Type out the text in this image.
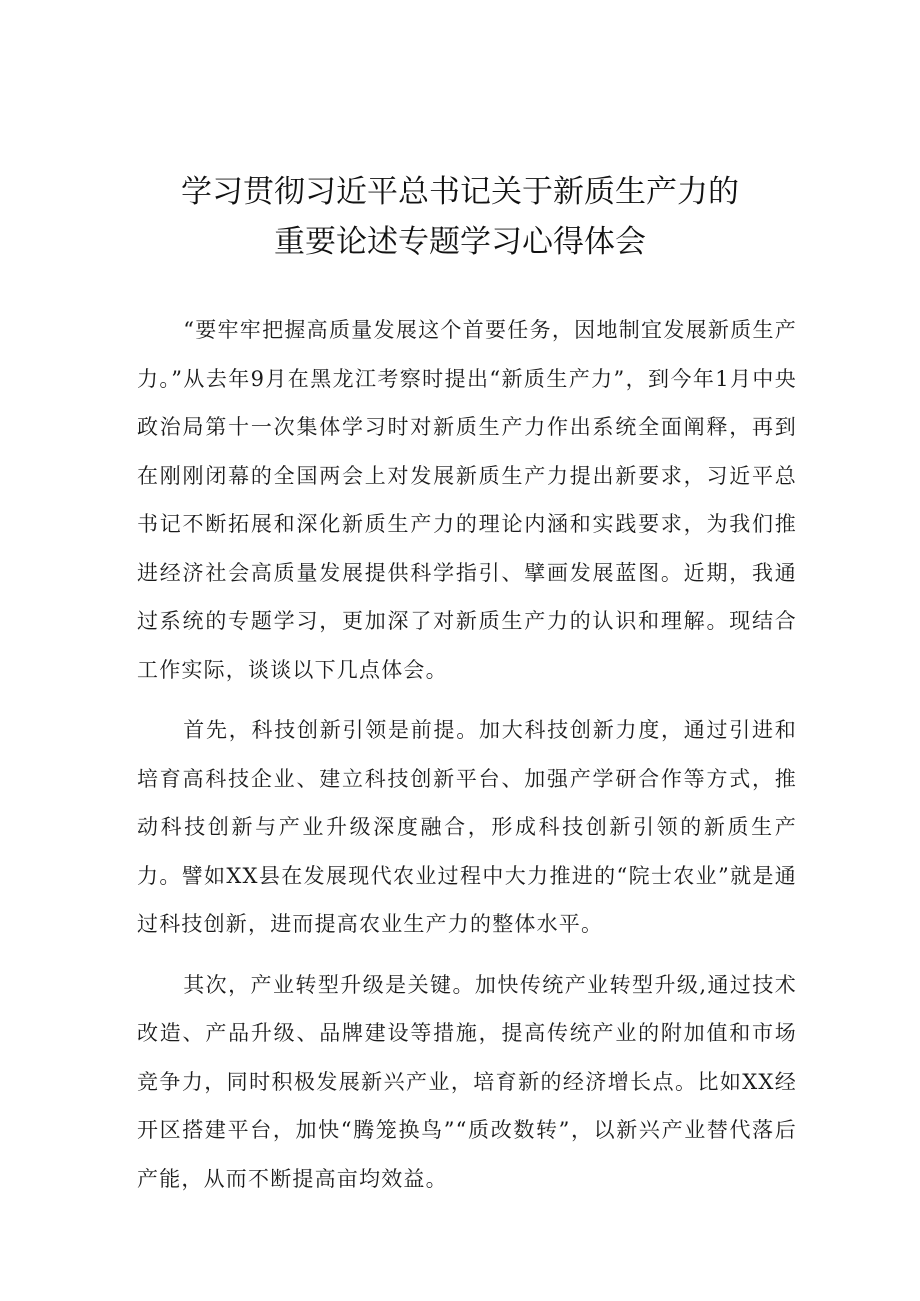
学习贯彻习近平总书记关于新质生产力的
重要论述专题学习心得体会

“要牢牢把握高质量发展这个首要任务，因地制宜发展新质生产力。”从去年9月在黑龙江考察时提出“新质生产力”，到今年1月中央政治局第十一次集体学习时对新质生产力作出系统全面阐释，再到在刚刚闭幕的全国两会上对发展新质生产力提出新要求，习近平总书记不断拓展和深化新质生产力的理论内涵和实践要求，为我们推进经济社会高质量发展提供科学指引、擘画发展蓝图。近期，我通过系统的专题学习，更加深了对新质生产力的认识和理解。现结合工作实际，谈谈以下几点体会。

首先，科技创新引领是前提。加大科技创新力度，通过引进和培育高科技企业、建立科技创新平台、加强产学研合作等方式，推动科技创新与产业升级深度融合，形成科技创新引领的新质生产力。譬如XX县在发展现代农业过程中大力推进的“院士农业”就是通过科技创新，进而提高农业生产力的整体水平。

其次，产业转型升级是关键。加快传统产业转型升级,通过技术改造、产品升级、品牌建设等措施，提高传统产业的附加值和市场竞争力，同时积极发展新兴产业，培育新的经济增长点。比如XX经开区搭建平台，加快“腾笼换鸟”“质改数转”，以新兴产业替代落后产能，从而不断提高亩均效益。
